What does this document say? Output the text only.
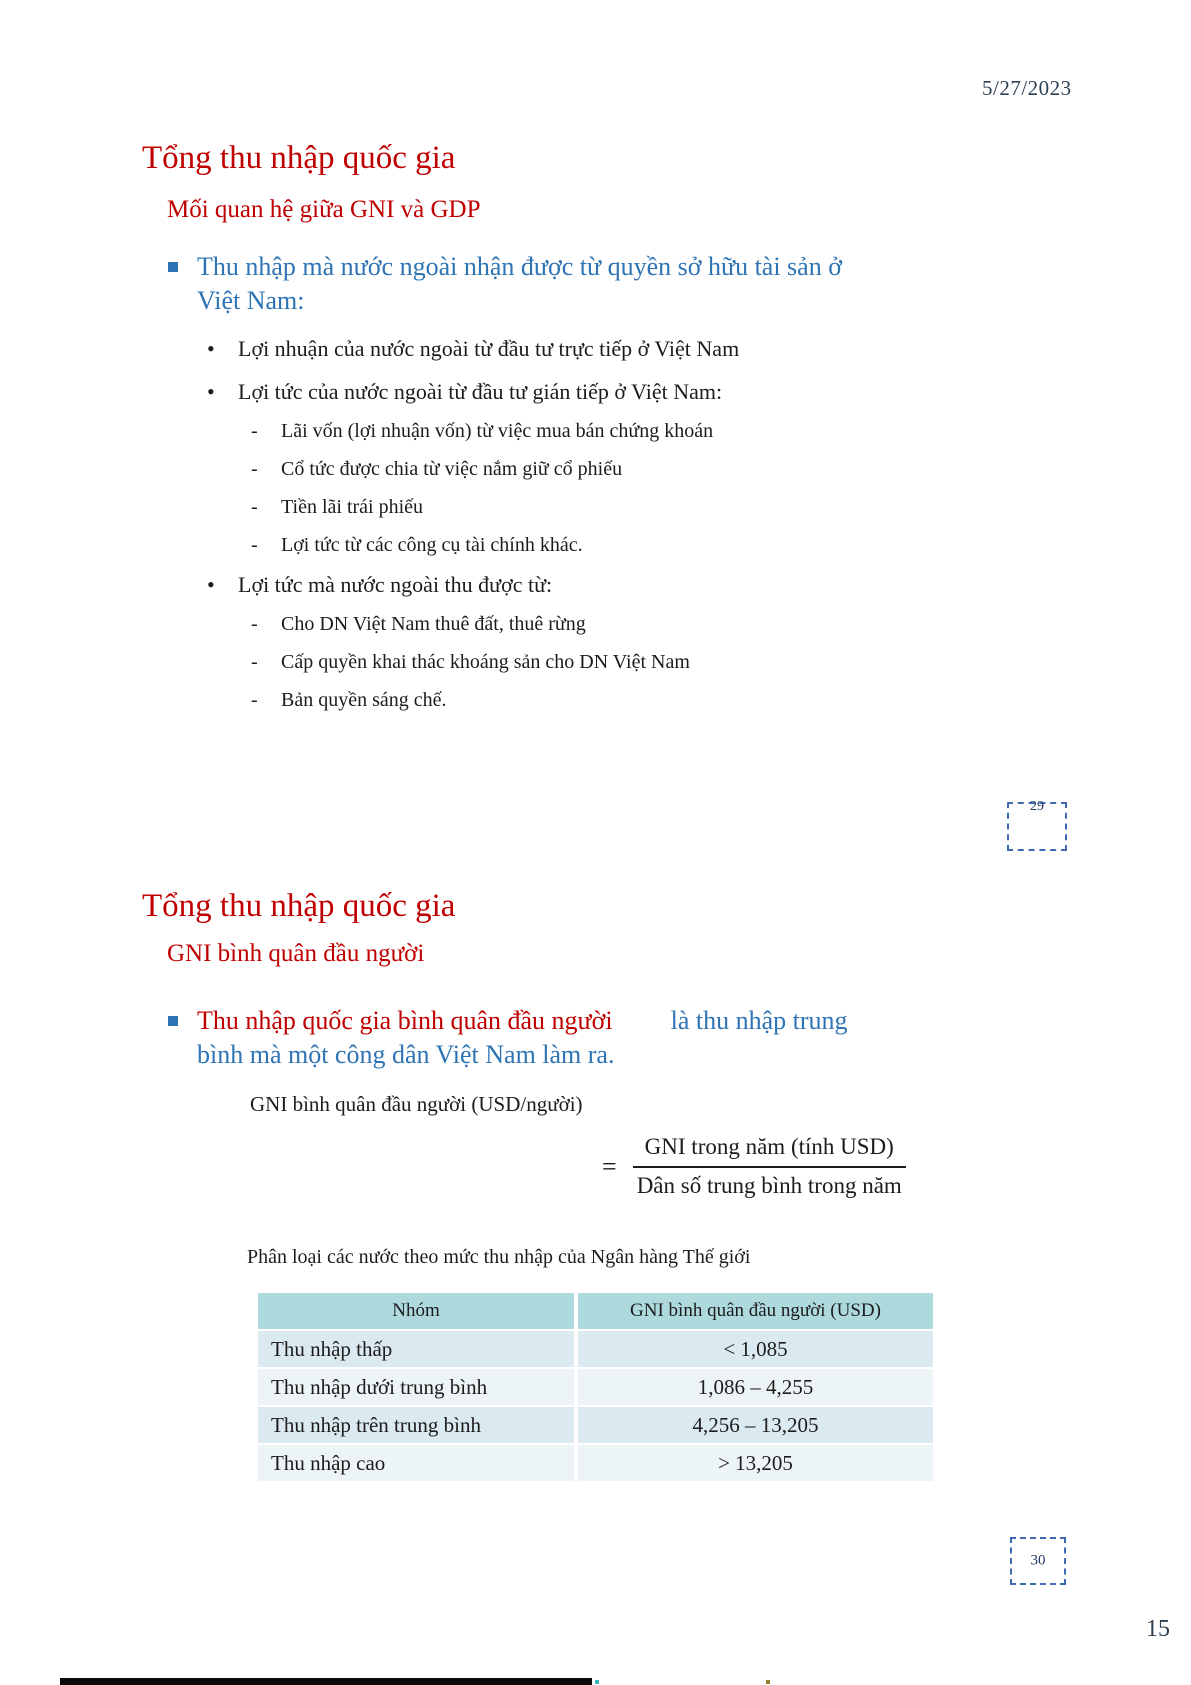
5/27/2023
Tổng thu nhập quốc gia
Mối quan hệ giữa GNI và GDP
Thu nhập mà nước ngoài nhận được từ quyền sở hữu tài sản ở Việt Nam:
• Lợi nhuận của nước ngoài từ đầu tư trực tiếp ở Việt Nam
• Lợi tức của nước ngoài từ đầu tư gián tiếp ở Việt Nam:
- Lãi vốn (lợi nhuận vốn) từ việc mua bán chứng khoán
- Cổ tức được chia từ việc nắm giữ cổ phiếu
- Tiền lãi trái phiếu
- Lợi tức từ các công cụ tài chính khác.
• Lợi tức mà nước ngoài thu được từ:
- Cho DN Việt Nam thuê đất, thuê rừng
- Cấp quyền khai thác khoáng sản cho DN Việt Nam
- Bản quyền sáng chế.
29
Tổng thu nhập quốc gia
GNI bình quân đầu người
Thu nhập quốc gia bình quân đầu người là thu nhập trung
bình mà một công dân Việt Nam làm ra.
GNI bình quân đầu người (USD/người)
= $\frac{\text{GNI trong năm (tính USD)}}{\text{Dân số trung bình trong năm}}$
Phân loại các nước theo mức thu nhập của Ngân hàng Thế giới
Nhóm	GNI bình quân đầu người (USD)
Thu nhập thấp	< 1,085
Thu nhập dưới trung bình	1,086 – 4,255
Thu nhập trên trung bình	4,256 – 13,205
Thu nhập cao	> 13,205
30
15
